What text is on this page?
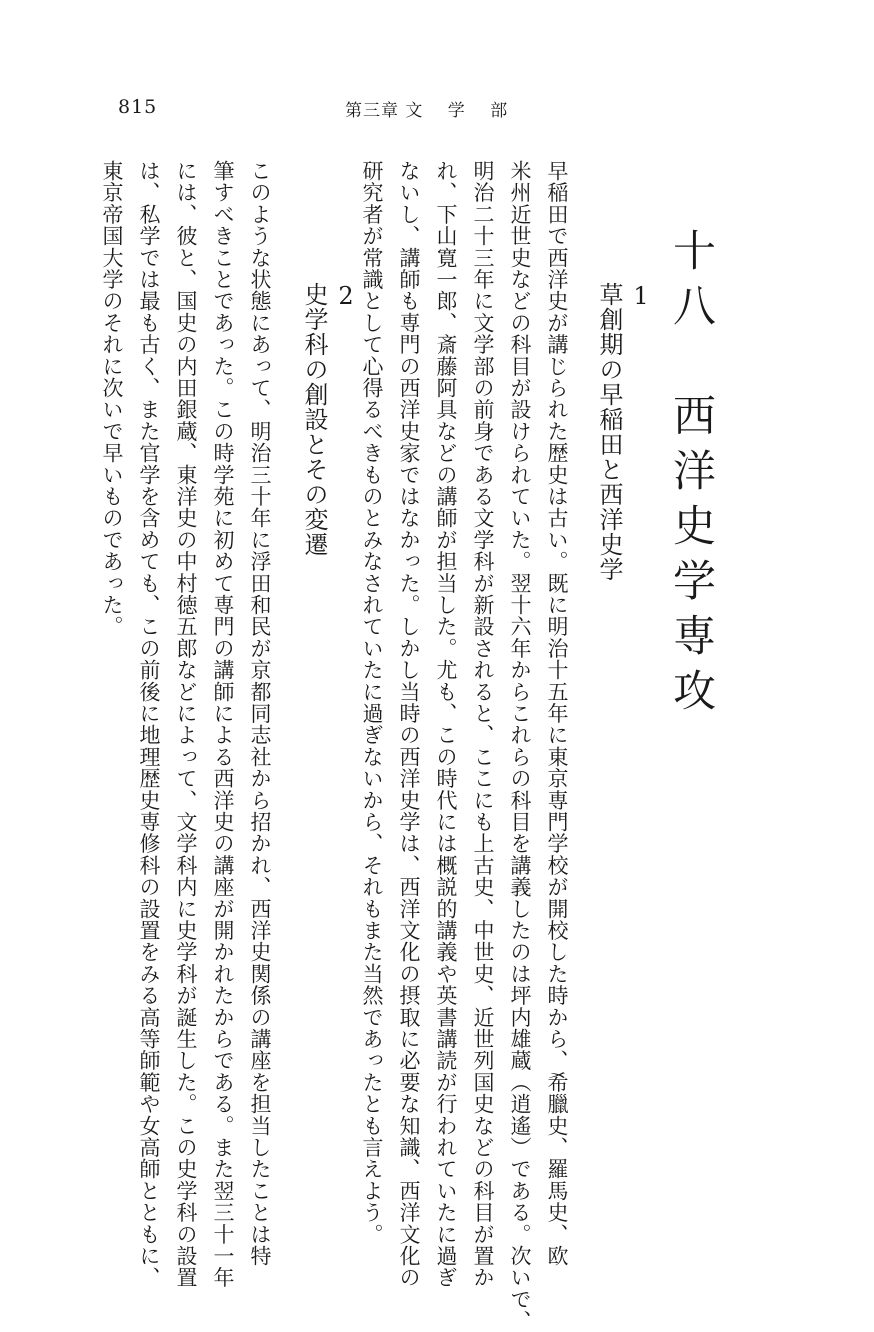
815	第三章 文　 学　 部
十八　西洋史学専攻
1
草創期の早稲田と西洋史学
早稲田で西洋史が講じられた歴史は古い。既に明治十五年に東京専門学校が開校した時から、希臘史、羅馬史、欧
米州近世史などの科目が設けられていた。翌十六年からこれらの科目を講義したのは坪内雄蔵（逍遙）である。次いで、
明治二十三年に文学部の前身である文学科が新設されると、ここにも上古史、中世史、近世列国史などの科目が置か
れ、下山寛一郎、斎藤阿具などの講師が担当した。尤も、この時代には概説的講義や英書講読が行われていたに過ぎ
ないし、講師も専門の西洋史家ではなかった。しかし当時の西洋史学は、西洋文化の摂取に必要な知識、西洋文化の
研究者が常識として心得るべきものとみなされていたに過ぎないから、それもまた当然であったとも言えよう。
2
史学科の創設とその変遷
このような状態にあって、明治三十年に浮田和民が京都同志社から招かれ、西洋史関係の講座を担当したことは特
筆すべきことであった。この時学苑に初めて専門の講師による西洋史の講座が開かれたからである。また翌三十一年
には、彼と、国史の内田銀蔵、東洋史の中村徳五郎などによって、文学科内に史学科が誕生した。この史学科の設置
は、私学では最も古く、また官学を含めても、この前後に地理歴史専修科の設置をみる高等師範や女高師とともに、
東京帝国大学のそれに次いで早いものであった。
